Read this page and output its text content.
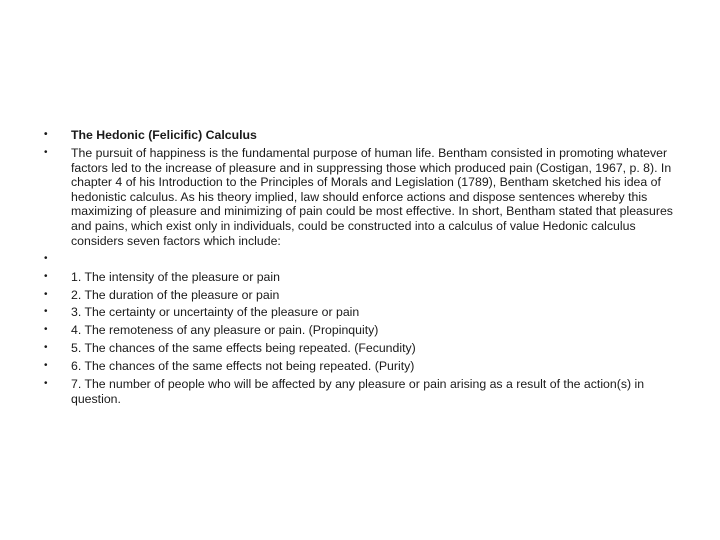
• The Hedonic (Felicific) Calculus
• The pursuit of happiness is the fundamental purpose of human life. Bentham consisted in promoting whatever factors led to the increase of pleasure and in suppressing those which produced pain (Costigan, 1967, p. 8). In chapter 4 of his Introduction to the Principles of Morals and Legislation (1789), Bentham sketched his idea of hedonistic calculus. As his theory implied, law should enforce actions and dispose sentences whereby this maximizing of pleasure and minimizing of pain could be most effective. In short, Bentham stated that pleasures and pains, which exist only in individuals, could be constructed into a calculus of value Hedonic calculus considers seven factors which include:
•
• 1. The intensity of the pleasure or pain
• 2. The duration of the pleasure or pain
• 3. The certainty or uncertainty of the pleasure or pain
• 4. The remoteness of any pleasure or pain. (Propinquity)
• 5. The chances of the same effects being repeated. (Fecundity)
• 6. The chances of the same effects not being repeated. (Purity)
• 7. The number of people who will be affected by any pleasure or pain arising as a result of the action(s) in question.
